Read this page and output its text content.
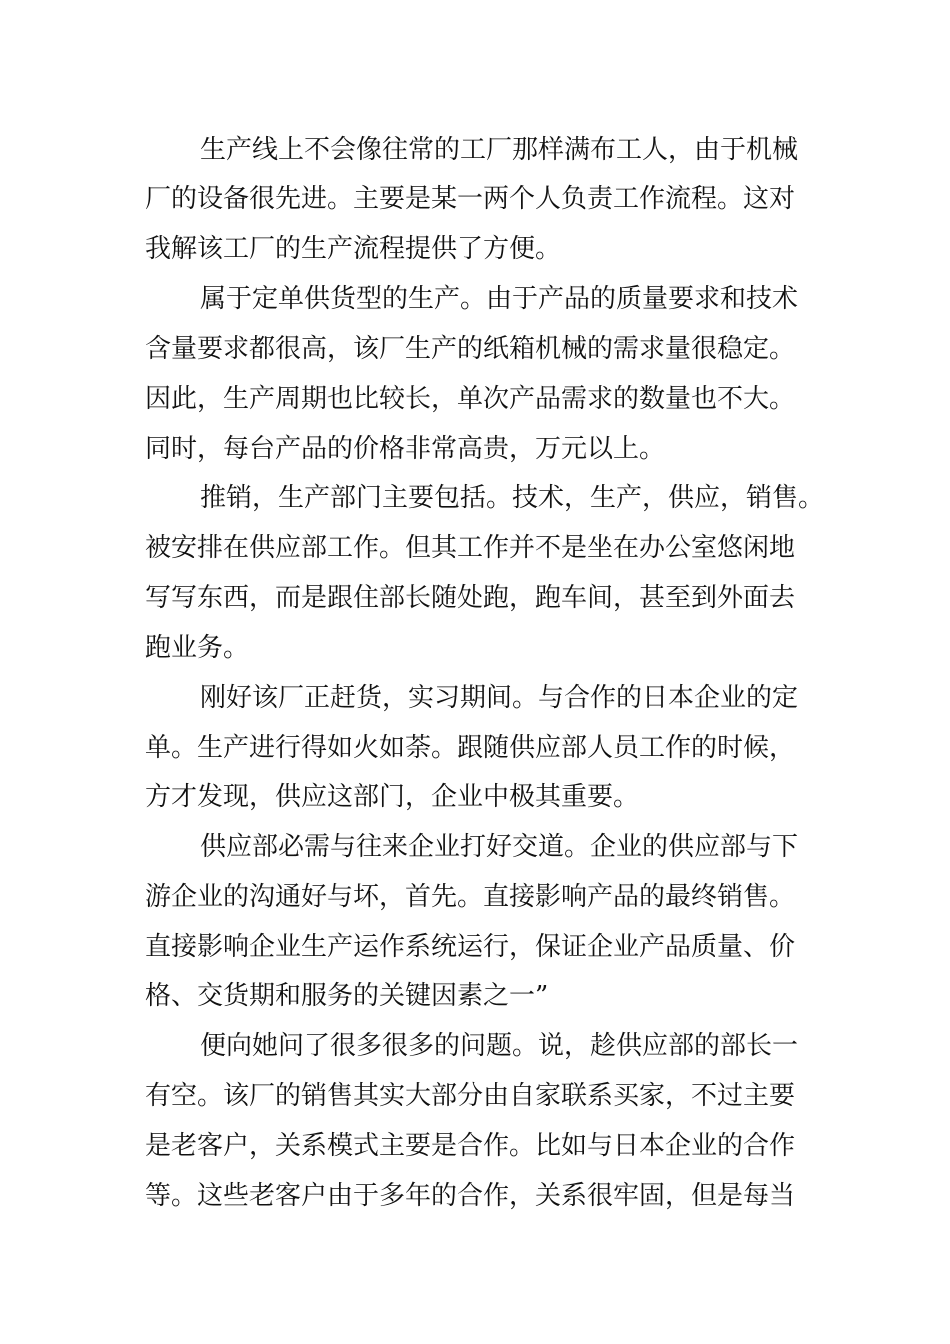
生产线上不会像往常的工厂那样满布工人，由于机械
厂的设备很先进。主要是某一两个人负责工作流程。这对
我解该工厂的生产流程提供了方便。
属于定单供货型的生产。由于产品的质量要求和技术
含量要求都很高，该厂生产的纸箱机械的需求量很稳定。
因此，生产周期也比较长，单次产品需求的数量也不大。
同时，每台产品的价格非常高贵，万元以上。
推销，生产部门主要包括。技术，生产，供应，销售。
被安排在供应部工作。但其工作并不是坐在办公室悠闲地
写写东西，而是跟住部长随处跑，跑车间，甚至到外面去
跑业务。
刚好该厂正赶货，实习期间。与合作的日本企业的定
单。生产进行得如火如荼。跟随供应部人员工作的时候，
方才发现，供应这部门，企业中极其重要。
供应部必需与往来企业打好交道。企业的供应部与下
游企业的沟通好与坏，首先。直接影响产品的最终销售。
直接影响企业生产运作系统运行，保证企业产品质量、价
格、交货期和服务的关键因素之一”
便向她问了很多很多的问题。说，趁供应部的部长一
有空。该厂的销售其实大部分由自家联系买家，不过主要
是老客户，关系模式主要是合作。比如与日本企业的合作
等。这些老客户由于多年的合作，关系很牢固，但是每当
